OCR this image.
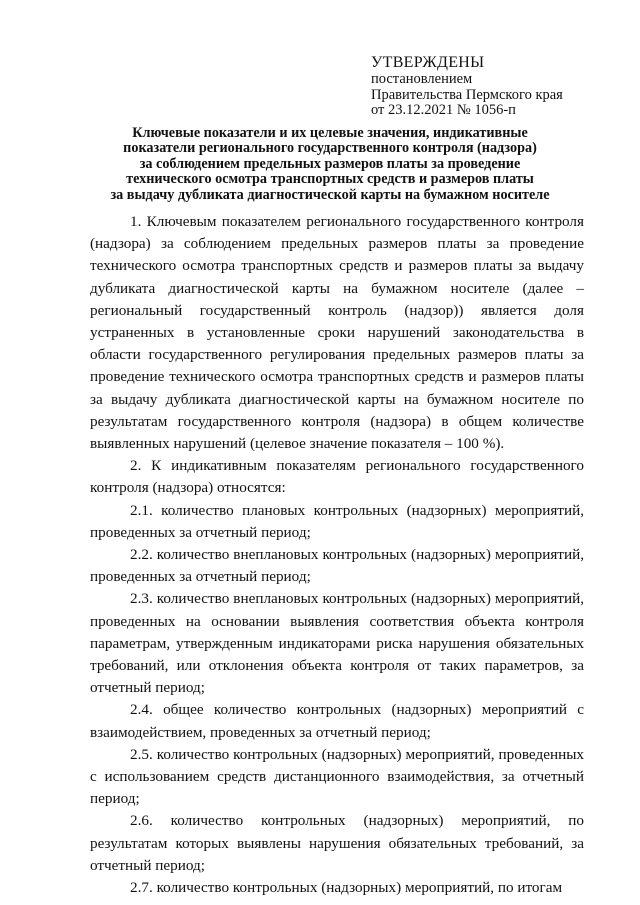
УТВЕРЖДЕНЫ
постановлением
Правительства Пермского края
от 23.12.2021 № 1056-п
Ключевые показатели и их целевые значения, индикативные
показатели регионального государственного контроля (надзора)
за соблюдением предельных размеров платы за проведение
технического осмотра транспортных средств и размеров платы
за выдачу дубликата диагностической карты на бумажном носителе

1. Ключевым показателем регионального государственного контроля (надзора) за соблюдением предельных размеров платы за проведение технического осмотра транспортных средств и размеров платы за выдачу дубликата диагностической карты на бумажном носителе (далее – региональный государственный контроль (надзор)) является доля устраненных в установленные сроки нарушений законодательства в области государственного регулирования предельных размеров платы за проведение технического осмотра транспортных средств и размеров платы за выдачу дубликата диагностической карты на бумажном носителе по результатам государственного контроля (надзора) в общем количестве выявленных нарушений (целевое значение показателя – 100 %).

2. К индикативным показателям регионального государственного контроля (надзора) относятся:

2.1. количество плановых контрольных (надзорных) мероприятий, проведенных за отчетный период;

2.2. количество внеплановых контрольных (надзорных) мероприятий, проведенных за отчетный период;

2.3. количество внеплановых контрольных (надзорных) мероприятий, проведенных на основании выявления соответствия объекта контроля параметрам, утвержденным индикаторами риска нарушения обязательных требований, или отклонения объекта контроля от таких параметров, за отчетный период;

2.4. общее количество контрольных (надзорных) мероприятий с взаимодействием, проведенных за отчетный период;

2.5. количество контрольных (надзорных) мероприятий, проведенных с использованием средств дистанционного взаимодействия, за отчетный период;

2.6. количество контрольных (надзорных) мероприятий, по результатам которых выявлены нарушения обязательных требований, за отчетный период;

2.7. количество контрольных (надзорных) мероприятий, по итогам
